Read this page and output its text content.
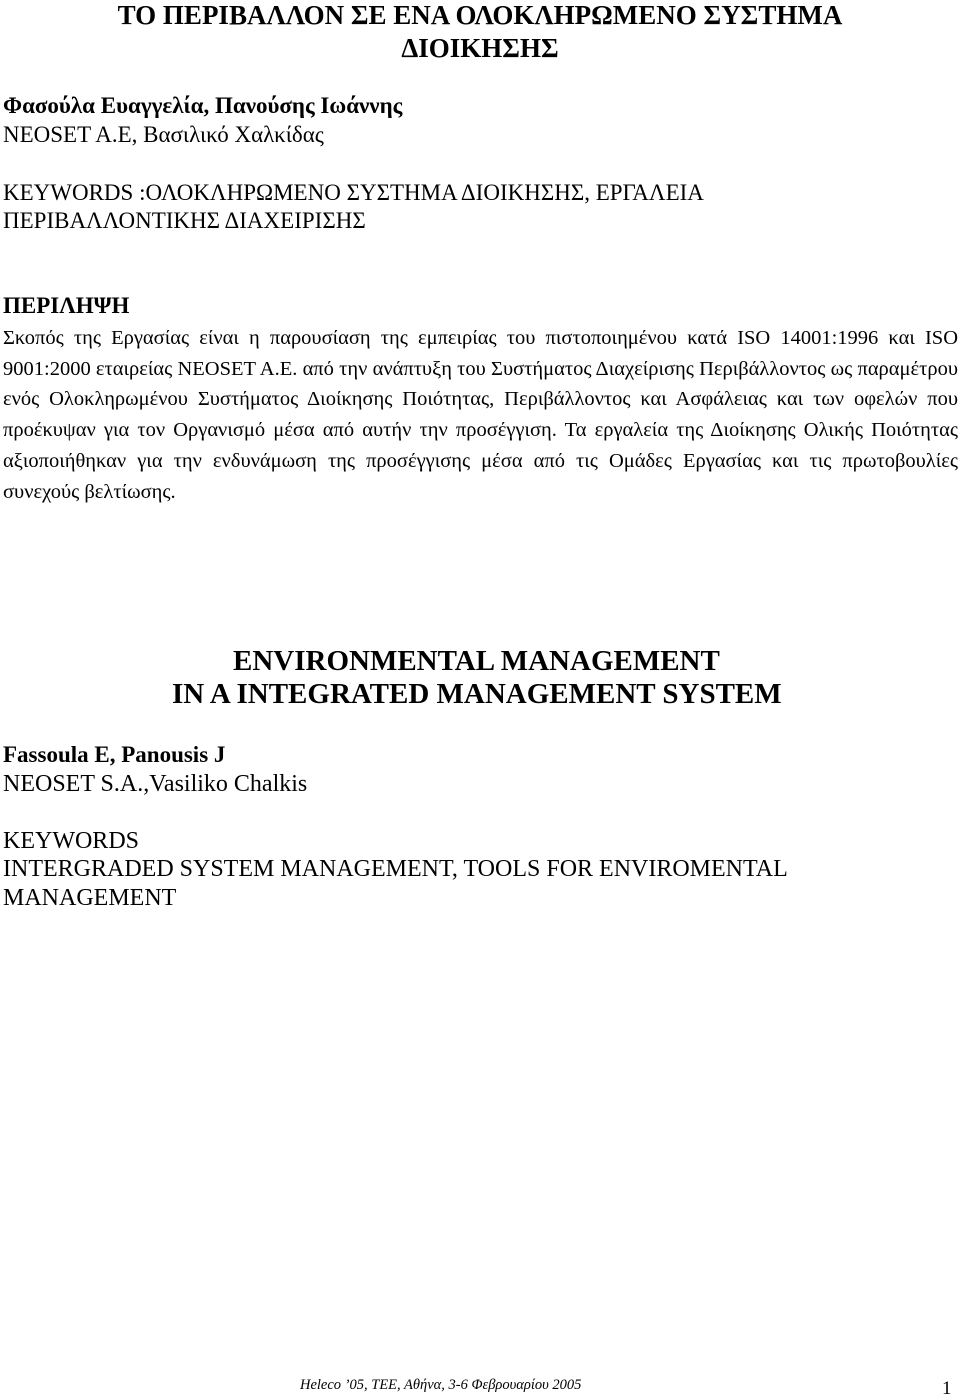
ΤΟ ΠΕΡΙΒΑΛΛΟΝ ΣΕ ΕΝΑ ΟΛΟΚΛΗΡΩΜΕΝΟ ΣΥΣΤΗΜΑ
ΔΙΟΙΚΗΣΗΣ
Φασούλα Ευαγγελία, Πανούσης Ιωάννης
ΝΕΟSET A.E, Βασιλικό Χαλκίδας
KEYWORDS :ΟΛΟΚΛΗΡΩΜΕΝΟ ΣΥΣΤΗΜΑ ΔΙΟΙΚΗΣΗΣ, ΕΡΓΑΛΕΙΑ
ΠΕΡΙΒΑΛΛΟΝΤΙΚΗΣ ΔΙΑΧΕΙΡΙΣΗΣ
ΠΕΡΙΛΗΨΗ
Σκοπός της Εργασίας είναι η παρουσίαση της εμπειρίας του πιστοποιημένου κατά ISO 14001:1996 και ISO 9001:2000 εταιρείας NEOSET A.E. από την ανάπτυξη του Συστήματος Διαχείρισης Περιβάλλοντος ως παραμέτρου ενός Ολοκληρωμένου Συστήματος Διοίκησης Ποιότητας, Περιβάλλοντος και Ασφάλειας και των οφελών που προέκυψαν για τον Οργανισμό μέσα από αυτήν την προσέγγιση. Τα εργαλεία της Διοίκησης Ολικής Ποιότητας αξιοποιήθηκαν για την ενδυνάμωση της προσέγγισης μέσα από τις Ομάδες Εργασίας και τις πρωτοβουλίες συνεχούς βελτίωσης.
ENVIRONMENTAL MANAGEMENT
IN A INTEGRATED MANAGEMENT SYSTEM
Fassoula E, Panousis J
NEOSET S.A.,Vasiliko Chalkis
KEYWORDS
INTERGRADED SYSTEM MANAGEMENT, TOOLS FOR ENVIROMENTAL
MANAGEMENT
Heleco ’05, ΤΕΕ, Αθήνα, 3-6 Φεβρουαρίου 2005	1
